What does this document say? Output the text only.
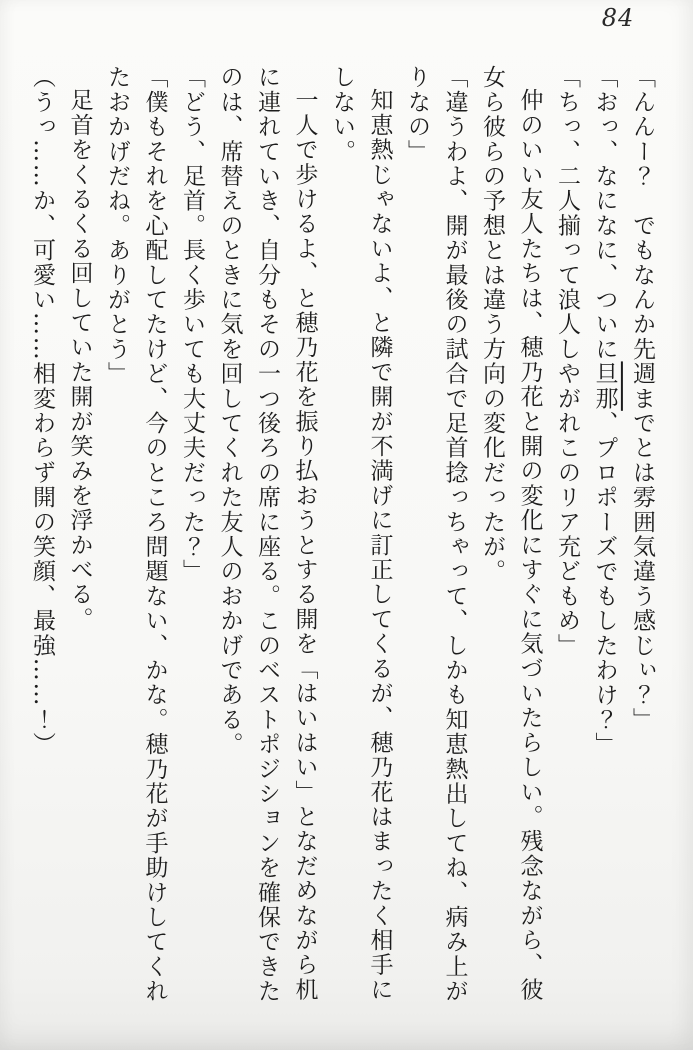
84

「んんー？　でもなんか先週までとは雰囲気違う感じぃ？」

「おっ、なになに、ついに旦那、プロポーズでもしたわけ？」

「ちっ、二人揃って浪人しやがれこのリア充どもめ」

仲のいい友人たちは、穂乃花と開の変化にすぐに気づいたらしい。残念ながら、彼女ら彼らの予想とは違う方向の変化だったが。

「違うわよ、開が最後の試合で足首捻っちゃって、しかも知恵熱出してね、病み上がりなの」

知恵熱じゃないよ、と隣で開が不満げに訂正してくるが、穂乃花はまったく相手にしない。

一人で歩けるよ、と穂乃花を振り払おうとする開を「はいはい」となだめながら机に連れていき、自分もその一つ後ろの席に座る。このベストポジションを確保できたのは、席替えのときに気を回してくれた友人のおかげである。

「どう、足首。長く歩いても大丈夫だった？」

「僕もそれを心配してたけど、今のところ問題ない、かな。穂乃花が手助けしてくれたおかげだね。ありがとう」

足首をくるくる回していた開が笑みを浮かべる。

（うっ……か、可愛い……相変わらず開の笑顔、最強……！）
